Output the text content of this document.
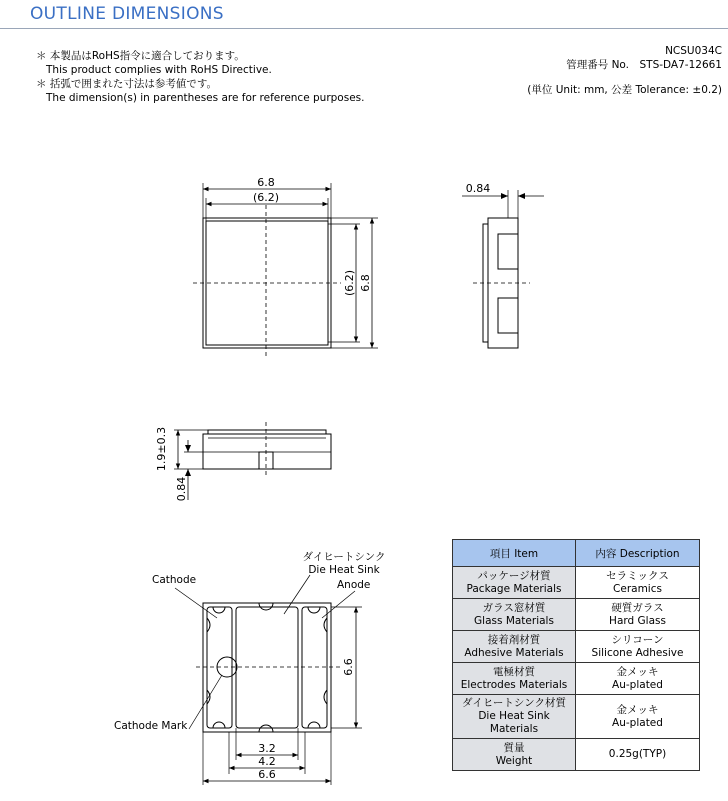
OUTLINE DIMENSIONS
＊ 本製品はRoHS指令に適合しております。
This product complies with RoHS Directive.
＊ 括弧で囲まれた寸法は参考値です。
The dimension(s) in parentheses are for reference purposes.
NCSU034C
管理番号 No.　STS-DA7-12661
(単位 Unit: mm, 公差 Tolerance: ±0.2)
6.8
(6.2)
(6.2) 6.8
0.84
1.9±0.3
0.84
ダイヒートシンク
Die Heat Sink
Cathode	Anode
Cathode Mark
6.6
3.2
4.2
6.6
項目 Item	内容 Description
パッケージ材質
Package Materials	セラミックス
Ceramics
ガラス窓材質
Glass Materials	硬質ガラス
Hard Glass
接着剤材質
Adhesive Materials	シリコーン
Silicone Adhesive
電極材質
Electrodes Materials	金メッキ
Au-plated
ダイヒートシンク材質
Die Heat Sink
Materials	金メッキ
Au-plated
質量
Weight	0.25g(TYP)
